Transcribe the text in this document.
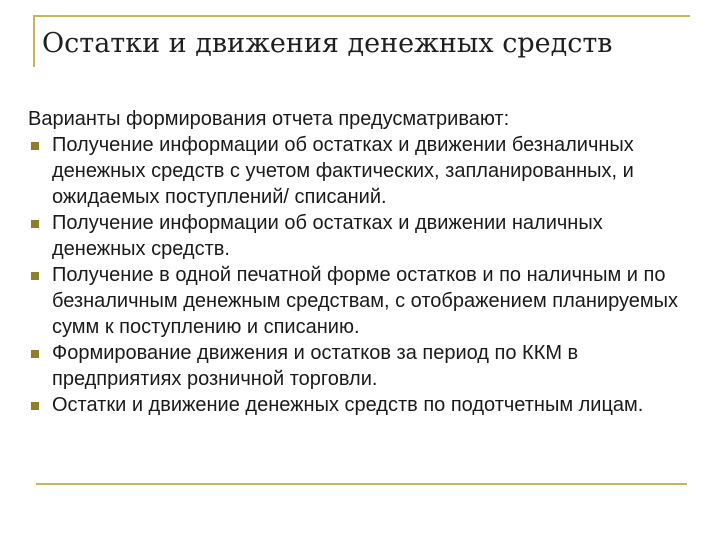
Остатки и движения денежных средств

Варианты формирования отчета предусматривают:

Получение информации об остатках и движении безналичных денежных средств с учетом фактических, запланированных, и ожидаемых поступлений/ списаний.
Получение информации об остатках и движении наличных денежных средств.
Получение в одной печатной форме остатков и по наличным и по безналичным денежным средствам, с отображением планируемых сумм к поступлению и списанию.
Формирование движения и остатков за период по ККМ в предприятиях розничной торговли.
Остатки и движение денежных средств по подотчетным лицам.
